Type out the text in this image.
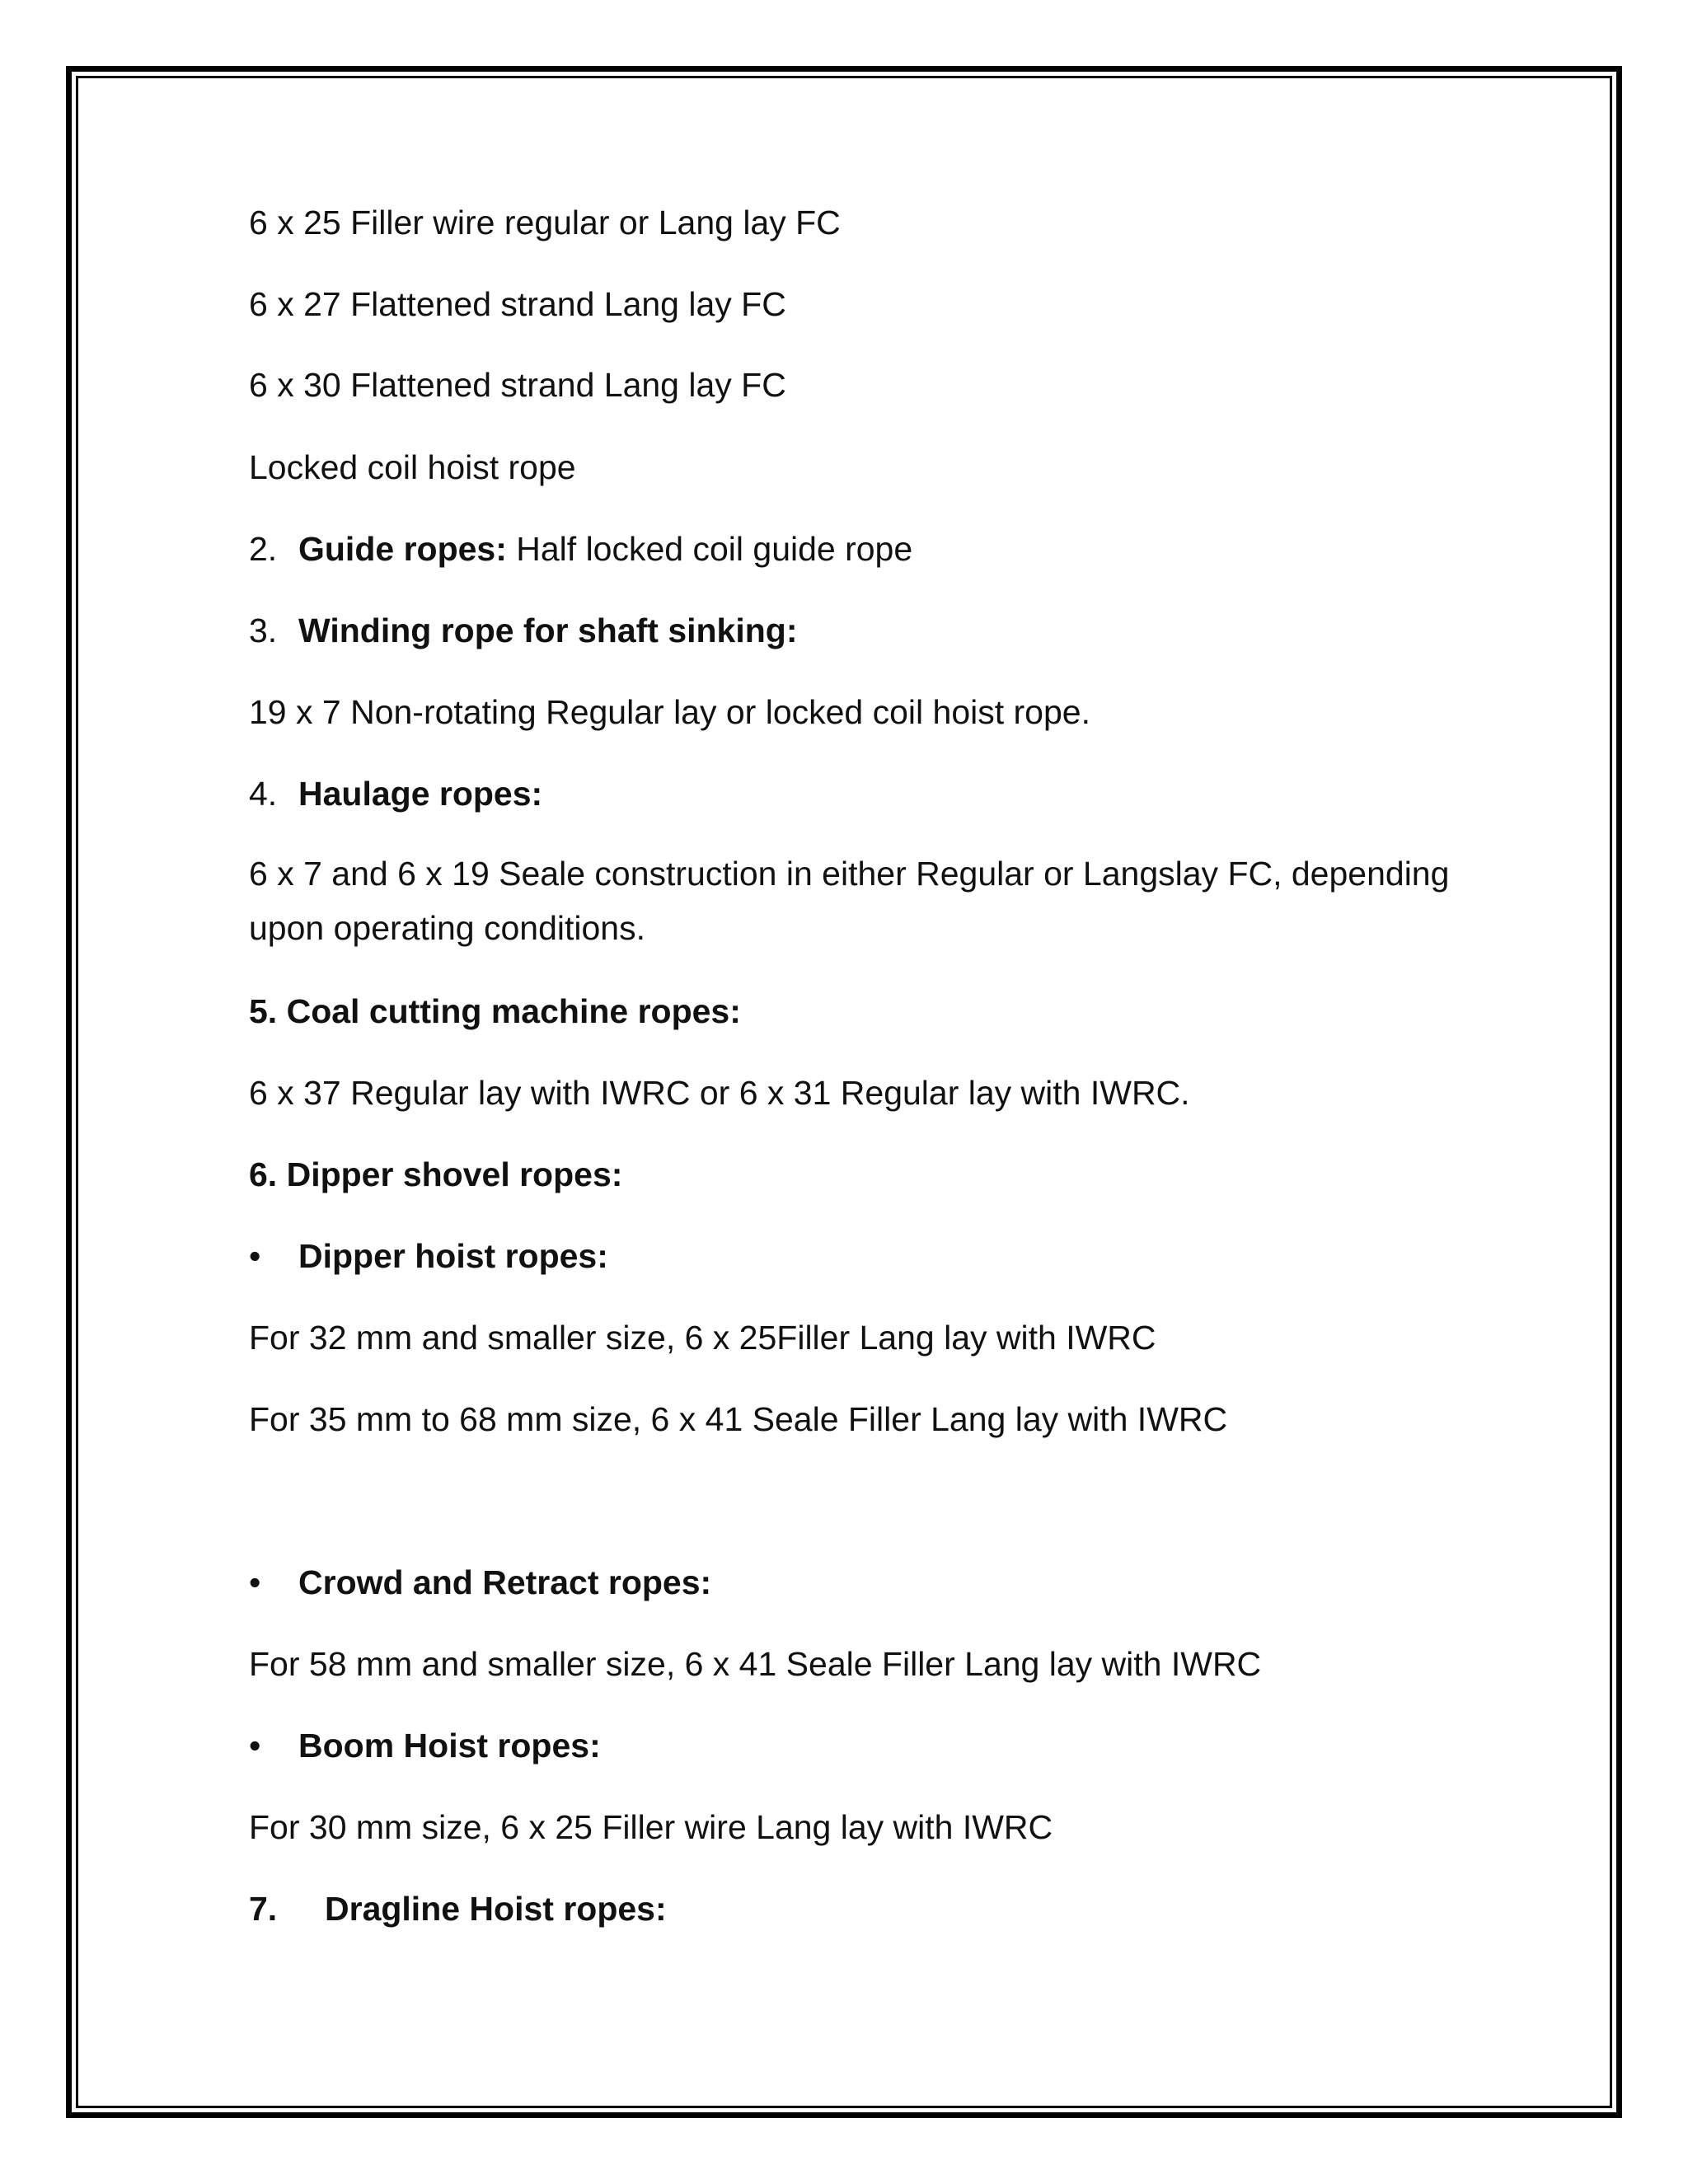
6 x 25 Filler wire regular or Lang lay FC
6 x 27 Flattened strand Lang lay FC
6 x 30 Flattened strand Lang lay FC
Locked coil hoist rope
2. Guide ropes: Half locked coil guide rope
3. Winding rope for shaft sinking:
19 x 7 Non-rotating Regular lay or locked coil hoist rope.
4. Haulage ropes:
6 x 7 and 6 x 19 Seale construction in either Regular or Langslay FC, depending upon operating conditions.
5. Coal cutting machine ropes:
6 x 37 Regular lay with IWRC or 6 x 31 Regular lay with IWRC.
6. Dipper shovel ropes:
• Dipper hoist ropes:
For 32 mm and smaller size, 6 x 25Filler Lang lay with IWRC
For 35 mm to 68 mm size, 6 x 41 Seale Filler Lang lay with IWRC
• Crowd and Retract ropes:
For 58 mm and smaller size, 6 x 41 Seale Filler Lang lay with IWRC
• Boom Hoist ropes:
For 30 mm size, 6 x 25 Filler wire Lang lay with IWRC
7. Dragline Hoist ropes:
